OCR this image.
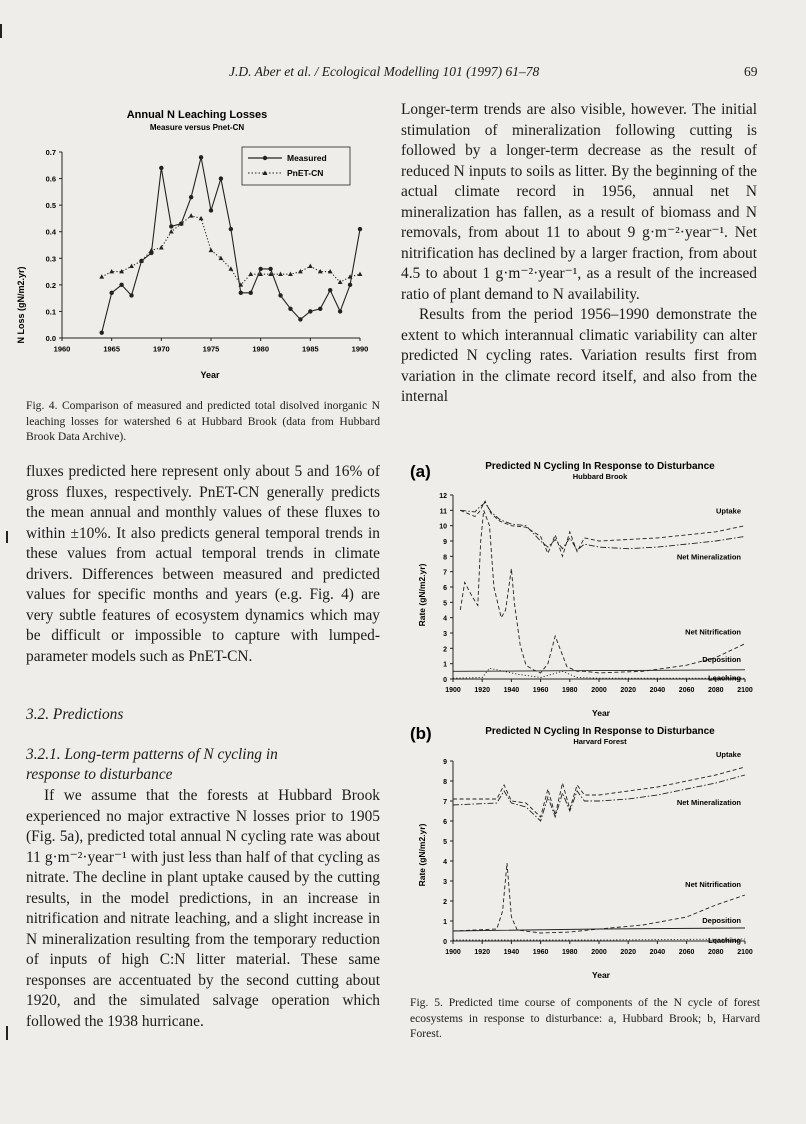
J.D. Aber et al. / Ecological Modelling 101 (1997) 61–78	69
Annual N Leaching Losses
Measure versus Pnet-CN
N Loss (gN/m2.yr)
Year
0.0
0.1
0.2
0.3
0.4
0.5
0.6
0.7
1960	1965	1970	1975	1980	1985	1990
Measured
PnET-CN
Fig. 4. Comparison of measured and predicted total disolved inorganic N leaching losses for watershed 6 at Hubbard Brook (data from Hubbard Brook Data Archive).

Longer-term trends are also visible, however. The initial stimulation of mineralization following cutting is followed by a longer-term decrease as the result of reduced N inputs to soils as litter. By the beginning of the actual climate record in 1956, annual net N mineralization has fallen, as a result of biomass and N removals, from about 11 to about 9 g·m⁻²·year⁻¹. Net nitrification has declined by a larger fraction, from about 4.5 to about 1 g·m⁻²·year⁻¹, as a result of the increased ratio of plant demand to N availability.

Results from the period 1956–1990 demonstrate the extent to which interannual climatic variability can alter predicted N cycling rates. Variation results first from variation in the climate record itself, and also from the internal

fluxes predicted here represent only about 5 and 16% of gross fluxes, respectively. PnET-CN generally predicts the mean annual and monthly values of these fluxes to within ±10%. It also predicts general temporal trends in these values from actual temporal trends in climate drivers. Differences between measured and predicted values for specific months and years (e.g. Fig. 4) are very subtle features of ecosystem dynamics which may be difficult or impossible to capture with lumped-parameter models such as PnET-CN.

3.2. Predictions
3.2.1. Long-term patterns of N cycling in response to disturbance

If we assume that the forests at Hubbard Brook experienced no major extractive N losses prior to 1905 (Fig. 5a), predicted total annual N cycling rate was about 11 g·m⁻²·year⁻¹ with just less than half of that cycling as nitrate. The decline in plant uptake caused by the cutting results, in the model predictions, in an increase in nitrification and nitrate leaching, and a slight increase in N mineralization resulting from the temporary reduction of inputs of high C:N litter material. These same responses are accentuated by the second cutting about 1920, and the simulated salvage operation which followed the 1938 hurricane.

(a)	Predicted N Cycling In Response to Disturbance
Hubbard Brook
Rate (gN/m2.yr)
Year
0
1
2
3
4
5
6
7
8
9
10
11
12
1900 1920 1940 1960 1980 2000 2020 2040 2060 2080 2100
Uptake
Net Mineralization
Net Nitrification
Deposition
Leaching
(b)	Predicted N Cycling In Response to Disturbance
Harvard Forest
Rate (gN/m2.yr)
Year
0
1
2
3
4
5
6
7
8
9
1900 1920 1940 1960 1980 2000 2020 2040 2060 2080 2100
Uptake
Net Mineralization
Net Nitrification
Deposition
Leaching
Fig. 5. Predicted time course of components of the N cycle of forest ecosystems in response to disturbance: a, Hubbard Brook; b, Harvard Forest.
